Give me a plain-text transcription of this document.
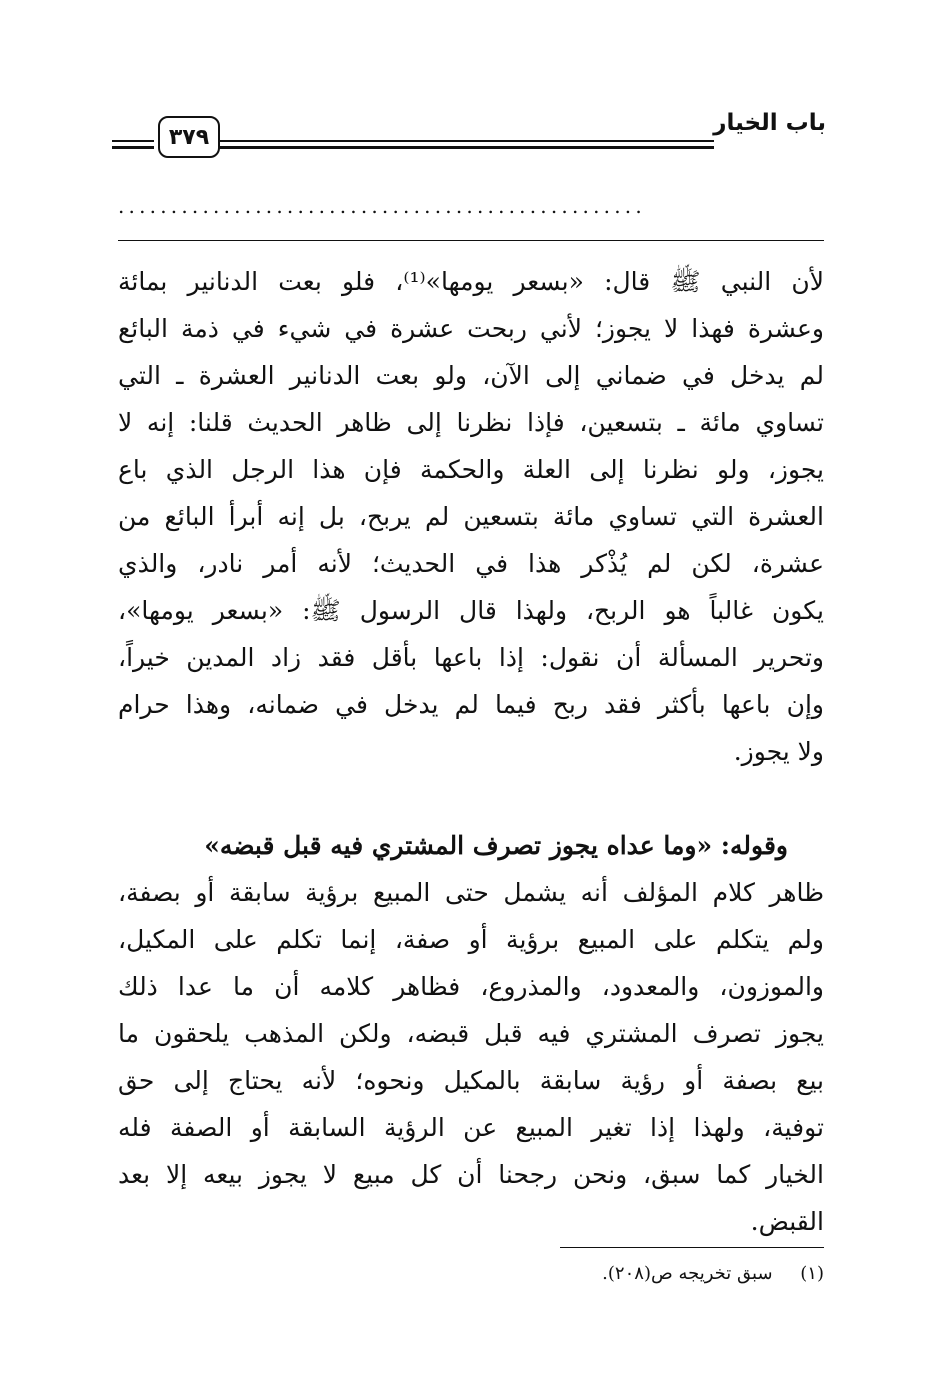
باب الخيار
٣٧٩
..................................................
لأن النبي ﷺ قال: «بسعر يومها»⁽¹⁾، فلو بعت الدنانير بمائة
وعشرة فهذا لا يجوز؛ لأني ربحت عشرة في شيء في ذمة البائع
لم يدخل في ضماني إلى الآن، ولو بعت الدنانير العشرة ـ التي
تساوي مائة ـ بتسعين، فإذا نظرنا إلى ظاهر الحديث قلنا: إنه لا
يجوز، ولو نظرنا إلى العلة والحكمة فإن هذا الرجل الذي باع
العشرة التي تساوي مائة بتسعين لم يربح، بل إنه أبرأ البائع من
عشرة، لكن لم يُذْكر هذا في الحديث؛ لأنه أمر نادر، والذي
يكون غالباً هو الربح، ولهذا قال الرسول ﷺ: «بسعر يومها»،
وتحرير المسألة أن نقول: إذا باعها بأقل فقد زاد المدين خيراً،
وإن باعها بأكثر فقد ربح فيما لم يدخل في ضمانه، وهذا حرام
ولا يجوز.
وقوله: «وما عداه يجوز تصرف المشتري فيه قبل قبضه»
ظاهر كلام المؤلف أنه يشمل حتى المبيع برؤية سابقة أو بصفة،
ولم يتكلم على المبيع برؤية أو صفة، إنما تكلم على المكيل،
والموزون، والمعدود، والمذروع، فظاهر كلامه أن ما عدا ذلك
يجوز تصرف المشتري فيه قبل قبضه، ولكن المذهب يلحقون ما
بيع بصفة أو رؤية سابقة بالمكيل ونحوه؛ لأنه يحتاج إلى حق
توفية، ولهذا إذا تغير المبيع عن الرؤية السابقة أو الصفة فله
الخيار كما سبق، ونحن رجحنا أن كل مبيع لا يجوز بيعه إلا بعد
القبض.
(١) سبق تخريجه ص(٢٠٨).
